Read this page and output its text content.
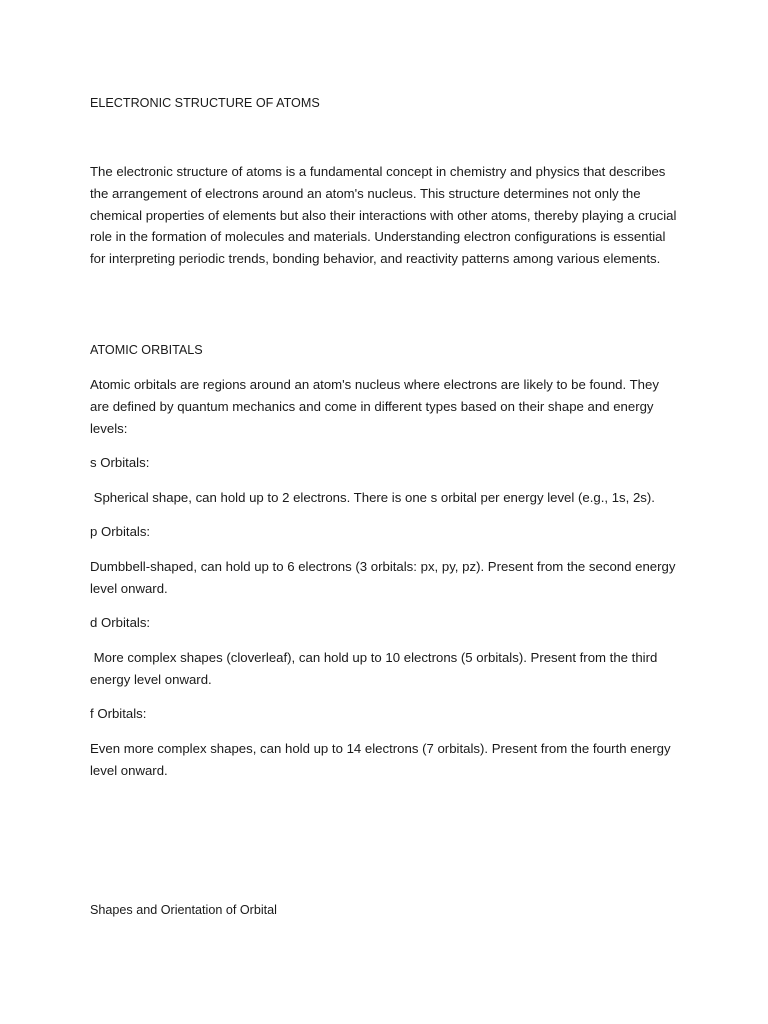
ELECTRONIC STRUCTURE OF ATOMS

The electronic structure of atoms is a fundamental concept in chemistry and physics that describes the arrangement of electrons around an atom's nucleus. This structure determines not only the chemical properties of elements but also their interactions with other atoms, thereby playing a crucial role in the formation of molecules and materials. Understanding electron configurations is essential for interpreting periodic trends, bonding behavior, and reactivity patterns among various elements.

ATOMIC ORBITALS

Atomic orbitals are regions around an atom's nucleus where electrons are likely to be found. They are defined by quantum mechanics and come in different types based on their shape and energy levels:

s Orbitals:

Spherical shape, can hold up to 2 electrons. There is one s orbital per energy level (e.g., 1s, 2s).

p Orbitals:

Dumbbell-shaped, can hold up to 6 electrons (3 orbitals: px, py, pz). Present from the second energy level onward.

d Orbitals:

More complex shapes (cloverleaf), can hold up to 10 electrons (5 orbitals). Present from the third energy level onward.

f Orbitals:

Even more complex shapes, can hold up to 14 electrons (7 orbitals). Present from the fourth energy level onward.

Shapes and Orientation of Orbital
